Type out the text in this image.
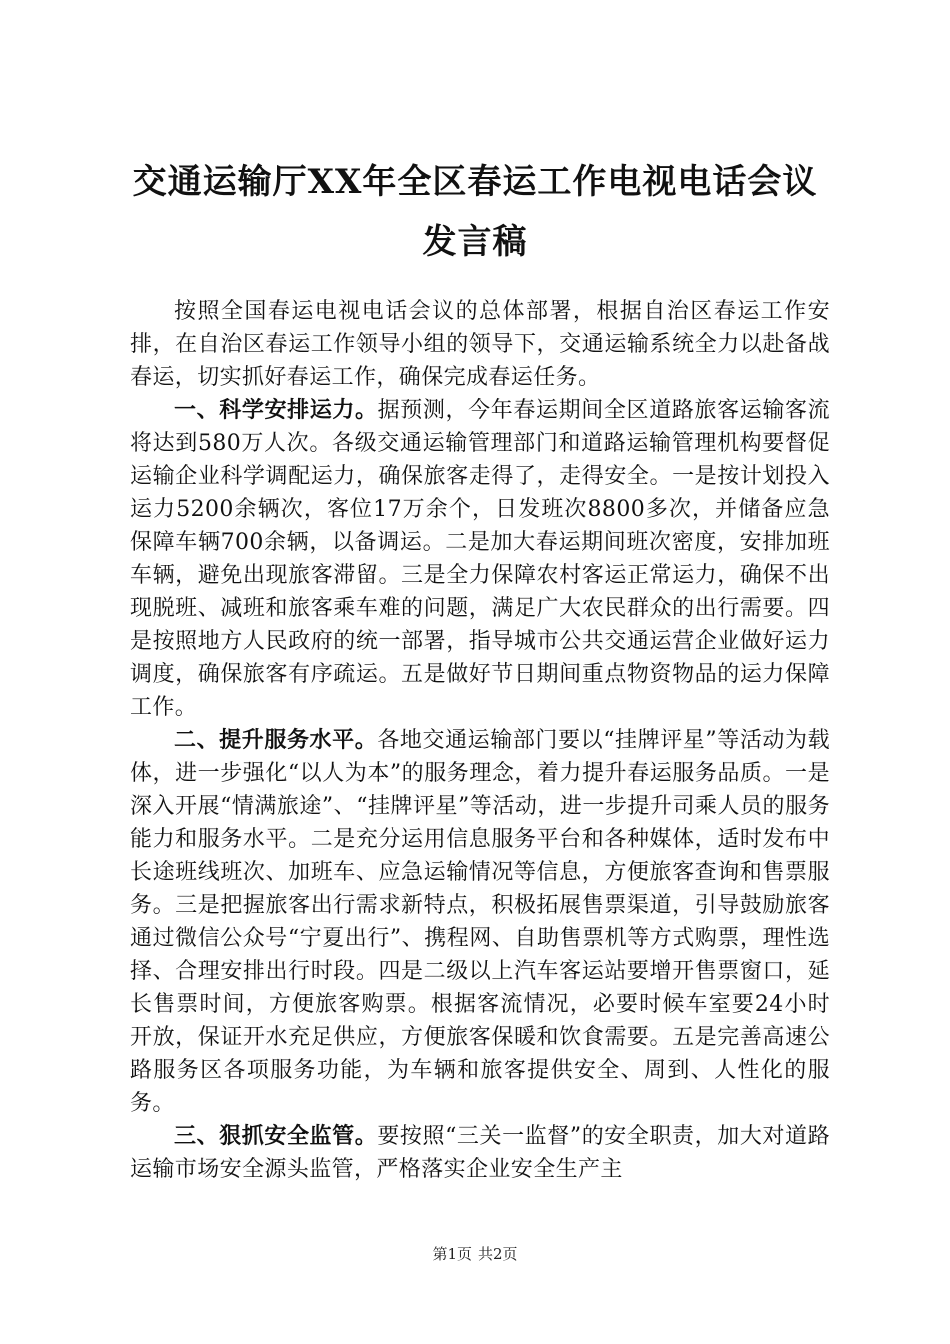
交通运输厅XX年全区春运工作电视电话会议
发言稿

按照全国春运电视电话会议的总体部署，根据自治区春运工作安排，在自治区春运工作领导小组的领导下，交通运输系统全力以赴备战春运，切实抓好春运工作，确保完成春运任务。

一、科学安排运力。据预测，今年春运期间全区道路旅客运输客流将达到580万人次。各级交通运输管理部门和道路运输管理机构要督促运输企业科学调配运力，确保旅客走得了，走得安全。一是按计划投入运力5200余辆次，客位17万余个，日发班次8800多次，并储备应急保障车辆700余辆，以备调运。二是加大春运期间班次密度，安排加班车辆，避免出现旅客滞留。三是全力保障农村客运正常运力，确保不出现脱班、减班和旅客乘车难的问题，满足广大农民群众的出行需要。四是按照地方人民政府的统一部署，指导城市公共交通运营企业做好运力调度，确保旅客有序疏运。五是做好节日期间重点物资物品的运力保障工作。

二、提升服务水平。各地交通运输部门要以“挂牌评星”等活动为载体，进一步强化“以人为本”的服务理念，着力提升春运服务品质。一是深入开展“情满旅途”、“挂牌评星”等活动，进一步提升司乘人员的服务能力和服务水平。二是充分运用信息服务平台和各种媒体，适时发布中长途班线班次、加班车、应急运输情况等信息，方便旅客查询和售票服务。三是把握旅客出行需求新特点，积极拓展售票渠道，引导鼓励旅客通过微信公众号“宁夏出行”、携程网、自助售票机等方式购票，理性选择、合理安排出行时段。四是二级以上汽车客运站要增开售票窗口，延长售票时间，方便旅客购票。根据客流情况，必要时候车室要24小时开放，保证开水充足供应，方便旅客保暖和饮食需要。五是完善高速公路服务区各项服务功能，为车辆和旅客提供安全、周到、人性化的服务。

三、狠抓安全监管。要按照“三关一监督”的安全职责，加大对道路运输市场安全源头监管，严格落实企业安全生产主

第1页 共2页
